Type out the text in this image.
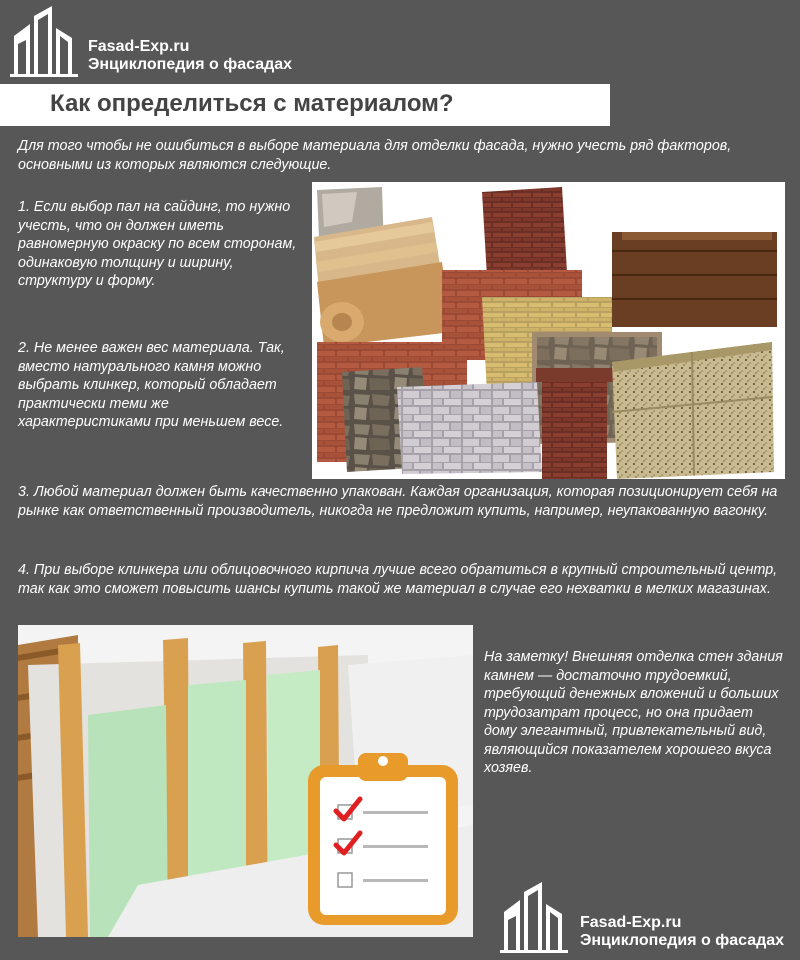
Fasad-Exp.ru
Энциклопедия о фасадах
Как определиться с материалом?

Для того чтобы не ошибиться в выборе материала для отделки фасада, нужно учесть ряд факторов, основными из которых являются следующие.

1. Если выбор пал на сайдинг, то нужно учесть, что он должен иметь равномерную окраску по всем сторонам, одинаковую толщину и ширину, структуру и форму.

2. Не менее важен вес материала. Так, вместо натурального камня можно выбрать клинкер, который обладает практически теми же характеристиками при меньшем весе.

3. Любой материал должен быть качественно упакован. Каждая организация, которая позиционирует себя на рынке как ответственный производитель, никогда не предложит купить, например, неупакованную вагонку.

4. При выборе клинкера или облицовочного кирпича лучше всего обратиться в крупный строительный центр, так как это сможет повысить шансы купить такой же материал в случае его нехватки в мелких магазинах.

На заметку! Внешняя отделка стен здания камнем — достаточно трудоемкий, требующий денежных вложений и больших трудозатрат процесс, но она придает дому элегантный, привлекательный вид, являющийся показателем хорошего вкуса хозяев.

Fasad-Exp.ru
Энциклопедия о фасадах
